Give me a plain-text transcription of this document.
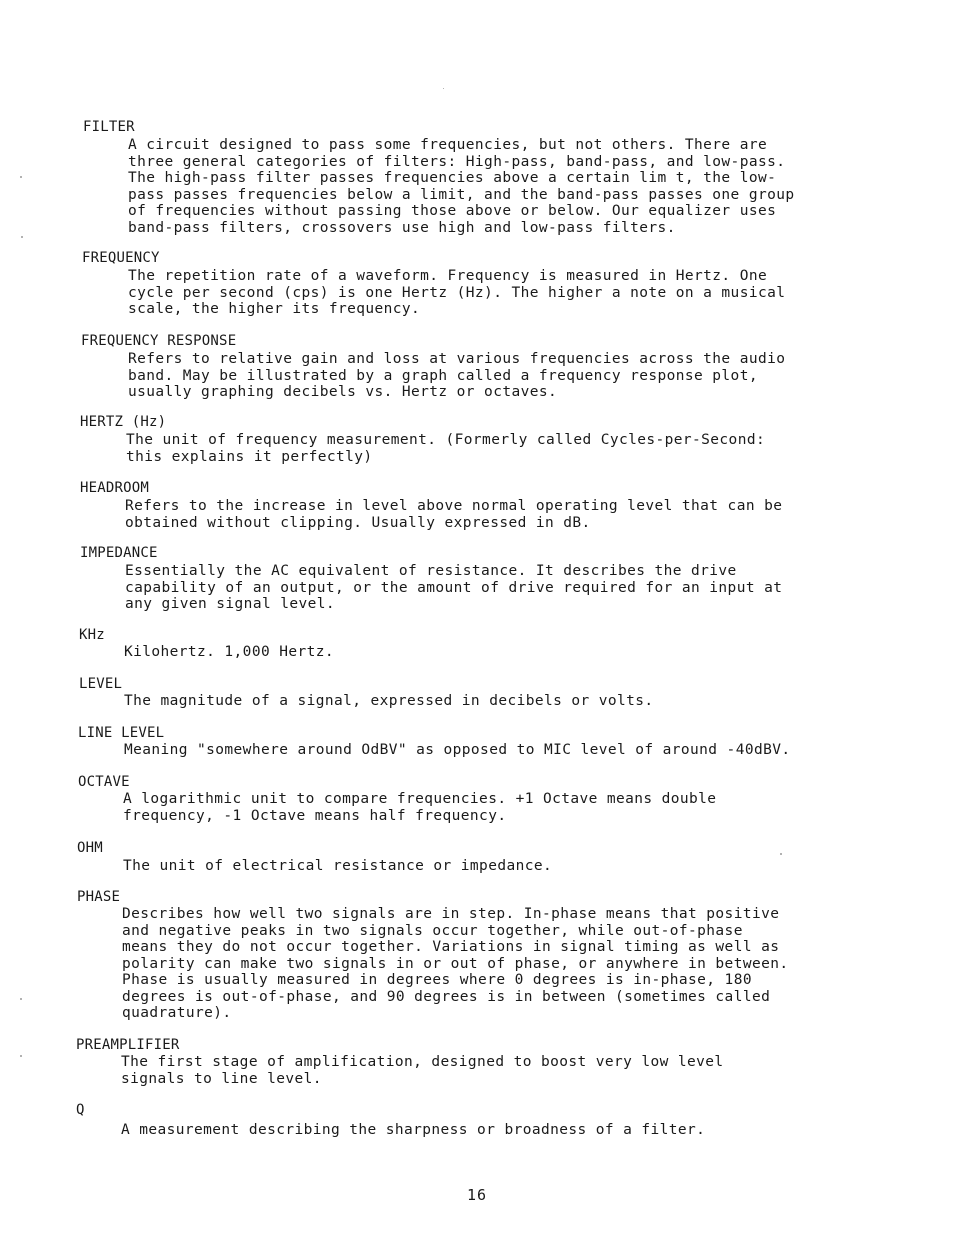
FILTER
A circuit designed to pass some frequencies, but not others. There are
three general categories of filters: High-pass, band-pass, and low-pass.
The high-pass filter passes frequencies above a certain lim t, the low-
pass passes frequencies below a limit, and the band-pass passes one group
of frequencies without passing those above or below. Our equalizer uses
band-pass filters, crossovers use high and low-pass filters.
FREQUENCY
The repetition rate of a waveform. Frequency is measured in Hertz. One
cycle per second (cps) is one Hertz (Hz). The higher a note on a musical
scale, the higher its frequency.
FREQUENCY RESPONSE
Refers to relative gain and loss at various frequencies across the audio
band. May be illustrated by a graph called a frequency response plot,
usually graphing decibels vs. Hertz or octaves.
HERTZ (Hz)
The unit of frequency measurement. (Formerly called Cycles-per-Second:
this explains it perfectly)
HEADROOM
Refers to the increase in level above normal operating level that can be
obtained without clipping. Usually expressed in dB.
IMPEDANCE
Essentially the AC equivalent of resistance. It describes the drive
capability of an output, or the amount of drive required for an input at
any given signal level.
KHz
Kilohertz. 1,000 Hertz.
LEVEL
The magnitude of a signal, expressed in decibels or volts.
LINE LEVEL
Meaning "somewhere around OdBV" as opposed to MIC level of around -40dBV.
OCTAVE
A logarithmic unit to compare frequencies. +1 Octave means double
frequency, -1 Octave means half frequency.
OHM
The unit of electrical resistance or impedance.
PHASE
Describes how well two signals are in step. In-phase means that positive
and negative peaks in two signals occur together, while out-of-phase
means they do not occur together. Variations in signal timing as well as
polarity can make two signals in or out of phase, or anywhere in between.
Phase is usually measured in degrees where 0 degrees is in-phase, 180
degrees is out-of-phase, and 90 degrees is in between (sometimes called
quadrature).
PREAMPLIFIER
The first stage of amplification, designed to boost very low level
signals to line level.
Q
A measurement describing the sharpness or broadness of a filter.
16
